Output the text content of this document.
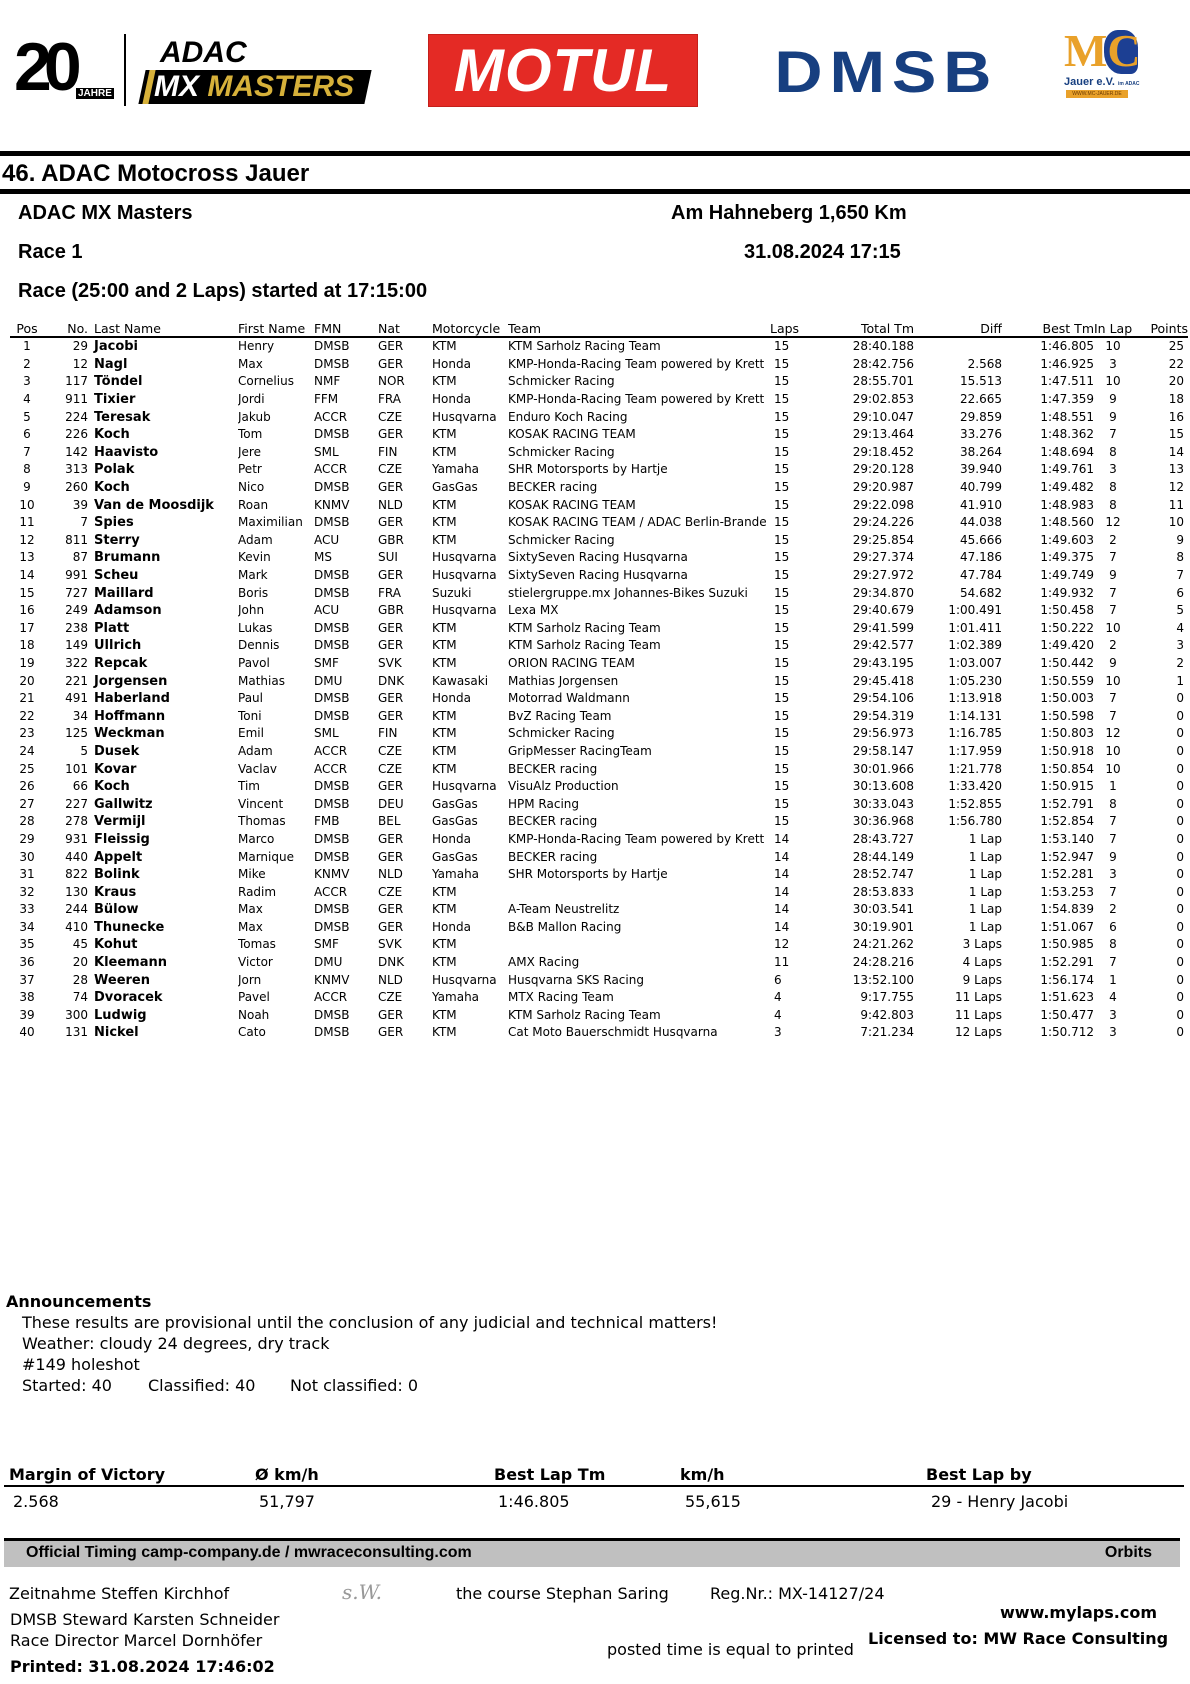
20 JAHRE
ADAC
MX MASTERS MOTUL DMSB MC
Jauer e.V. im ADAC
WWW.MC-JAUER.DE
46. ADAC Motocross Jauer
ADAC MX Masters	Am Hahneberg 1,650 Km
Race 1	31.08.2024 17:15
Race (25:00 and 2 Laps) started at 17:15:00
Pos	No.	Last Name	First Name	FMN	Nat	Motorcycle	Team	Laps	Total Tm	Diff	Best Tm	In Lap	Points
1	29	Jacobi	Henry	DMSB	GER	KTM	KTM Sarholz Racing Team	15	28:40.188		1:46.805	10	25
2	12	Nagl	Max	DMSB	GER	Honda	KMP-Honda-Racing Team powered by Krett	15	28:42.756	2.568	1:46.925	3	22
3	117	Töndel	Cornelius	NMF	NOR	KTM	Schmicker Racing	15	28:55.701	15.513	1:47.511	10	20
4	911	Tixier	Jordi	FFM	FRA	Honda	KMP-Honda-Racing Team powered by Krett	15	29:02.853	22.665	1:47.359	9	18
5	224	Teresak	Jakub	ACCR	CZE	Husqvarna	Enduro Koch Racing	15	29:10.047	29.859	1:48.551	9	16
6	226	Koch	Tom	DMSB	GER	KTM	KOSAK RACING TEAM	15	29:13.464	33.276	1:48.362	7	15
7	142	Haavisto	Jere	SML	FIN	KTM	Schmicker Racing	15	29:18.452	38.264	1:48.694	8	14
8	313	Polak	Petr	ACCR	CZE	Yamaha	SHR Motorsports by Hartje	15	29:20.128	39.940	1:49.761	3	13
9	260	Koch	Nico	DMSB	GER	GasGas	BECKER racing	15	29:20.987	40.799	1:49.482	8	12
10	39	Van de Moosdijk	Roan	KNMV	NLD	KTM	KOSAK RACING TEAM	15	29:22.098	41.910	1:48.983	8	11
11	7	Spies	Maximilian	DMSB	GER	KTM	KOSAK RACING TEAM / ADAC Berlin-Brande	15	29:24.226	44.038	1:48.560	12	10
12	811	Sterry	Adam	ACU	GBR	KTM	Schmicker Racing	15	29:25.854	45.666	1:49.603	2	9
13	87	Brumann	Kevin	MS	SUI	Husqvarna	SixtySeven Racing Husqvarna	15	29:27.374	47.186	1:49.375	7	8
14	991	Scheu	Mark	DMSB	GER	Husqvarna	SixtySeven Racing Husqvarna	15	29:27.972	47.784	1:49.749	9	7
15	727	Maillard	Boris	DMSB	FRA	Suzuki	stielergruppe.mx Johannes-Bikes Suzuki	15	29:34.870	54.682	1:49.932	7	6
16	249	Adamson	John	ACU	GBR	Husqvarna	Lexa MX	15	29:40.679	1:00.491	1:50.458	7	5
17	238	Platt	Lukas	DMSB	GER	KTM	KTM Sarholz Racing Team	15	29:41.599	1:01.411	1:50.222	10	4
18	149	Ullrich	Dennis	DMSB	GER	KTM	KTM Sarholz Racing Team	15	29:42.577	1:02.389	1:49.420	2	3
19	322	Repcak	Pavol	SMF	SVK	KTM	ORION RACING TEAM	15	29:43.195	1:03.007	1:50.442	9	2
20	221	Jorgensen	Mathias	DMU	DNK	Kawasaki	Mathias Jorgensen	15	29:45.418	1:05.230	1:50.559	10	1
21	491	Haberland	Paul	DMSB	GER	Honda	Motorrad Waldmann	15	29:54.106	1:13.918	1:50.003	7	0
22	34	Hoffmann	Toni	DMSB	GER	KTM	BvZ Racing Team	15	29:54.319	1:14.131	1:50.598	7	0
23	125	Weckman	Emil	SML	FIN	KTM	Schmicker Racing	15	29:56.973	1:16.785	1:50.803	12	0
24	5	Dusek	Adam	ACCR	CZE	KTM	GripMesser RacingTeam	15	29:58.147	1:17.959	1:50.918	10	0
25	101	Kovar	Vaclav	ACCR	CZE	KTM	BECKER racing	15	30:01.966	1:21.778	1:50.854	10	0
26	66	Koch	Tim	DMSB	GER	Husqvarna	VisuAlz Production	15	30:13.608	1:33.420	1:50.915	1	0
27	227	Gallwitz	Vincent	DMSB	DEU	GasGas	HPM Racing	15	30:33.043	1:52.855	1:52.791	8	0
28	278	Vermijl	Thomas	FMB	BEL	GasGas	BECKER racing	15	30:36.968	1:56.780	1:52.854	7	0
29	931	Fleissig	Marco	DMSB	GER	Honda	KMP-Honda-Racing Team powered by Krett	14	28:43.727	1 Lap	1:53.140	7	0
30	440	Appelt	Marnique	DMSB	GER	GasGas	BECKER racing	14	28:44.149	1 Lap	1:52.947	9	0
31	822	Bolink	Mike	KNMV	NLD	Yamaha	SHR Motorsports by Hartje	14	28:52.747	1 Lap	1:52.281	3	0
32	130	Kraus	Radim	ACCR	CZE	KTM		14	28:53.833	1 Lap	1:53.253	7	0
33	244	Bülow	Max	DMSB	GER	KTM	A-Team Neustrelitz	14	30:03.541	1 Lap	1:54.839	2	0
34	410	Thunecke	Max	DMSB	GER	Honda	B&B Mallon Racing	14	30:19.901	1 Lap	1:51.067	6	0
35	45	Kohut	Tomas	SMF	SVK	KTM		12	24:21.262	3 Laps	1:50.985	8	0
36	20	Kleemann	Victor	DMU	DNK	KTM	AMX Racing	11	24:28.216	4 Laps	1:52.291	7	0
37	28	Weeren	Jorn	KNMV	NLD	Husqvarna	Husqvarna SKS Racing	6	13:52.100	9 Laps	1:56.174	1	0
38	74	Dvoracek	Pavel	ACCR	CZE	Yamaha	MTX Racing Team	4	9:17.755	11 Laps	1:51.623	4	0
39	300	Ludwig	Noah	DMSB	GER	KTM	KTM Sarholz Racing Team	4	9:42.803	11 Laps	1:50.477	3	0
40	131	Nickel	Cato	DMSB	GER	KTM	Cat Moto Bauerschmidt Husqvarna	3	7:21.234	12 Laps	1:50.712	3	0
Announcements
These results are provisional until the conclusion of any judicial and technical matters!
Weather: cloudy 24 degrees, dry track
#149 holeshot
Started: 40 Classified: 40 Not classified: 0
Margin of Victory	Ø km/h	Best Lap Tm	km/h	Best Lap by
2.568	51,797	1:46.805	55,615	29 - Henry Jacobi
Official Timing camp-company.de / mwraceconsulting.com	Orbits
Zeitnahme Steffen Kirchhof	s.W.	the course Stephan Saring	Reg.Nr.: MX-14127/24
DMSB Steward Karsten Schneider
Race Director Marcel Dornhöfer
Printed: 31.08.2024 17:46:02
posted time is equal to printed
www.mylaps.com
Licensed to: MW Race Consulting
